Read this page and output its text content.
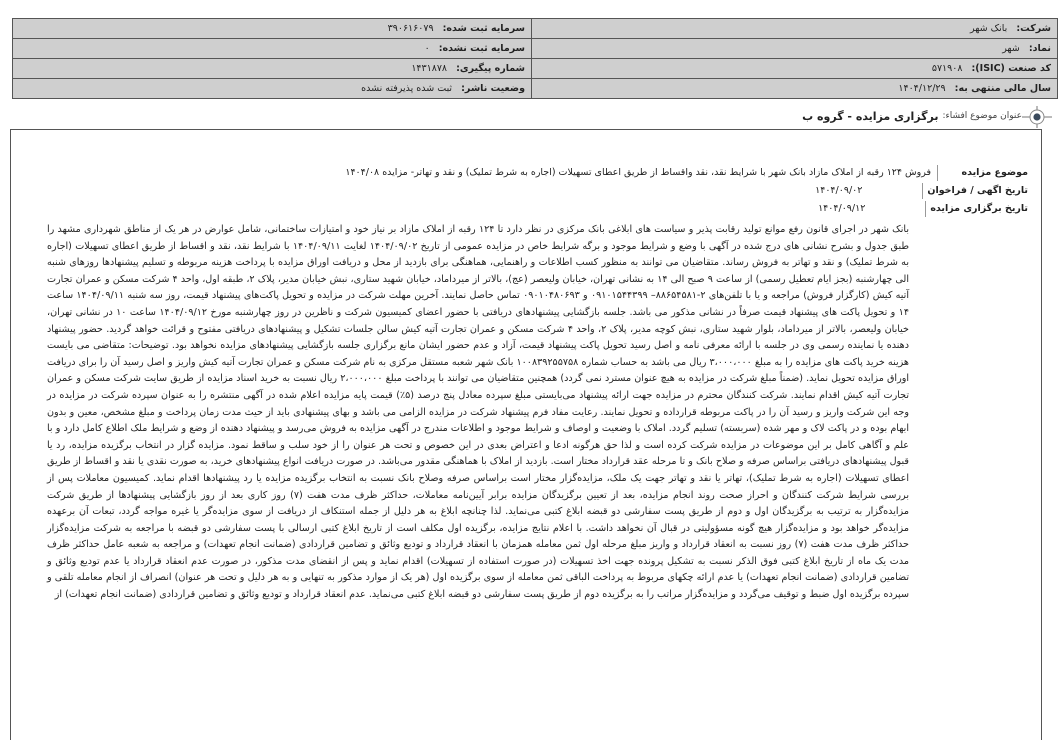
شرکت: بانک شهر	سرمایه ثبت شده: ۳۹۰۶۱۶۰۷۹
نماد: شهر	سرمایه ثبت نشده: ۰
کد صنعت (ISIC): ۵۷۱۹۰۸	شماره پیگیری: ۱۴۳۱۸۷۸
سال مالی منتهی به: ۱۴۰۴/۱۲/۲۹	وضعیت ناشر: ثبت شده پذیرفته نشده
عنوان موضوع افشاء:
برگزاری مزایده - گروه ب
موضوع مزایده
فروش ۱۲۴ رقبه از املاک مازاد بانک شهر با شرایط نقد، نقد واقساط از طریق اعطای تسهیلات (اجاره به شرط تملیک) و نقد و تهاتر- مزایده ۱۴۰۴/۰۸
تاریخ اگهی / فراخوان
۱۴۰۴/۰۹/۰۲
تاریخ برگزاری مزایده
۱۴۰۴/۰۹/۱۲
بانک شهر در اجرای قانون رفع موانع تولید رقابت پذیر و سیاست های ابلاغی بانک مرکزی در نظر دارد تا ۱۲۴ رقبه از املاک مازاد بر نیاز خود و امتیازات ساختمانی، شامل عوارض در هر یک از مناطق شهرداری مشهد را طبق جدول و بشرح نشانی های درج شده در آگهی با وضع و شرایط موجود و برگه شرایط خاص در مزایده عمومی از تاریخ ۱۴۰۴/۰۹/۰۲ لغایت ۱۴۰۴/۰۹/۱۱ با شرایط نقد، نقد و اقساط از طریق اعطای تسهیلات (اجاره به شرط تملیک) و نقد و تهاتر به فروش رساند. متقاضیان می توانند به منظور کسب اطلاعات و راهنمایی، هماهنگی برای بازدید از محل و دریافت اوراق مزایده با پرداخت هزینه مربوطه و تسلیم پیشنهادها روزهای شنبه الی چهارشنبه (بجز ایام تعطیل رسمی) از ساعت ۹ صبح الی ۱۴ به نشانی تهران، خیابان ولیعصر (عج)، بالاتر از میرداماد، خیابان شهید ستاری، نبش خیابان مدیر، پلاک ۲، طبقه اول، واحد ۴ شرکت مسکن و عمران تجارت آتیه کیش (کارگزار فروش) مراجعه و یا با تلفن‌های ۲-۸۸۶۵۴۵۸۱– ۰۹۱۰۱۵۴۴۳۹۹ و ۰۹۰۱۰۴۸۰۶۹۳ تماس حاصل نمایند. آخرین مهلت شرکت در مزایده و تحویل پاکت‌های پیشنهاد قیمت، روز سه شنبه ۱۴۰۴/۰۹/۱۱ ساعت ۱۴ و تحویل پاکت های پیشنهاد قیمت صرفاً در نشانی مذکور می باشد. جلسه بازگشایی پیشنهادهای دریافتی با حضور اعضای کمیسیون شرکت و ناظرین در روز چهارشنبه مورخ ۱۴۰۴/۰۹/۱۲ ساعت ۱۰ در نشانی تهران، خیابان ولیعصر، بالاتر از میرداماد، بلوار شهید ستاری، نبش کوچه مدیر، پلاک ۲، واحد ۴ شرکت مسکن و عمران تجارت آتیه کیش سالن جلسات تشکیل و پیشنهادهای دریافتی مفتوح و قرائت خواهد گردید. حضور پیشنهاد دهنده یا نماینده رسمی وی در جلسه با ارائه معرفی نامه و اصل رسید تحویل پاکت پیشنهاد قیمت، آزاد و عدم حضور ایشان مانع برگزاری جلسه بازگشایی پیشنهادهای مزایده نخواهد بود. توضیحات: متقاضی می بایست هزینه خرید پاکت های مزایده را به مبلغ ۳،۰۰۰،۰۰۰ ریال می باشد به حساب شماره ۱۰۰۸۳۹۲۵۵۷۵۸ بانک شهر شعبه مستقل مرکزی به نام شرکت مسکن و عمران تجارت آتیه کیش واریز و اصل رسید آن را برای دریافت اوراق مزایده تحویل نماید. (ضمناً مبلغ شرکت در مزایده به هیچ عنوان مسترد نمی گردد) همچنین متقاضیان می توانند با پرداخت مبلغ ۲،۰۰۰،۰۰۰ ریال نسبت به خرید اسناد مزایده از طریق سایت شرکت مسکن و عمران تجارت آتیه کیش اقدام نمایند. شرکت کنندگان محترم در مزایده جهت ارائه پیشنهاد می‌بایستی مبلغ سپرده معادل پنج درصد (۵٪) قیمت پایه مزایده اعلام شده در آگهی منتشره را به عنوان سپرده شرکت در مزایده در وجه این شرکت واریز و رسید آن را در پاکت مربوطه قرارداده و تحویل نمایند. رعایت مفاد فرم پیشنهاد شرکت در مزایده الزامی می باشد و بهای پیشنهادی باید از حیث مدت زمان پرداخت و مبلغ مشخص، معین و بدون ابهام بوده و در پاکت لاک و مهر شده (سربسته) تسلیم گردد. املاک با وضعیت و اوصاف و شرایط موجود و اطلاعات مندرج در آگهی مزایده به فروش می‌رسد و پیشنهاد دهنده از وضع و شرایط ملک اطلاع کامل دارد و با علم و آگاهی کامل بر این موضوعات در مزایده شرکت کرده است و لذا حق هرگونه ادعا و اعتراض بعدی در این خصوص و تحت هر عنوان را از خود سلب و ساقط نمود. مزایده گزار در انتخاب برگزیده مزایده، رد یا قبول پیشنهادهای دریافتی براساس صرفه و صلاح بانک و تا مرحله عقد قرارداد مختار است. بازدید از املاک با هماهنگی مقدور می‌باشد. در صورت دریافت انواع پیشنهادهای خرید، به صورت نقدی یا نقد و اقساط از طریق اعطای تسهیلات (اجاره به شرط تملیک)، تهاتر یا نقد و تهاتر جهت یک ملک، مزایده‌گزار مختار است براساس صرفه وصلاح بانک نسبت به انتخاب برگزیده مزایده یا رد پیشنهادها اقدام نماید. کمیسیون معاملات پس از بررسی شرایط شرکت کنندگان و احراز صحت روند انجام مزایده، بعد از تعیین برگزیدگان مزایده برابر آیین‌نامه معاملات، حداکثر ظرف مدت هفت (۷) روز کاری بعد از روز بازگشایی پیشنهادها از طریق شرکت مزایده‌گزار به ترتیب به برگزیدگان اول و دوم از طریق پست سفارشی دو قبضه ابلاغ کتبی می‌نماید. لذا چنانچه ابلاغ به هر دلیل از جمله استنکاف از دریافت از سوی مزایده‌گر یا غیره مواجه گردد، تبعات آن برعهده مزایده‌گر خواهد بود و مزایده‌گزار هیچ گونه مسؤولیتی در قبال آن نخواهد داشت. با اعلام نتایج مزایده، برگزیده اول مکلف است از تاریخ ابلاغ کتبی ارسالی با پست سفارشی دو قبضه با مراجعه به شرکت مزایده‌گزار حداکثر ظرف مدت هفت (۷) روز نسبت به انعقاد قرارداد و واریز مبلغ مرحله اول ثمن معامله همزمان با انعقاد قرارداد و تودیع وثائق و تضامین قراردادی (ضمانت انجام تعهدات) و مراجعه به شعبه عامل حداکثر ظرف مدت یک ماه از تاریخ ابلاغ کتبی فوق الذکر نسبت به تشکیل پرونده جهت اخذ تسهیلات (در صورت استفاده از تسهیلات) اقدام نماید و پس از انقضای مدت مذکور، در صورت عدم انعقاد قرارداد یا عدم تودیع وثائق و تضامین قراردادی (ضمانت انجام تعهدات) یا عدم ارائه چکهای مربوط به پرداخت الباقی ثمن معامله از سوی برگزیده اول (هر یک از موارد مذکور به تنهایی و به هر دلیل و تحت هر عنوان) انصراف از انجام معامله تلقی و سپرده برگزیده اول ضبط و توقیف می‌گردد و مزایده‌گزار مراتب را به برگزیده دوم از طریق پست سفارشی دو قبضه ابلاغ کتبی می‌نماید. عدم انعقاد قرارداد و تودیع وثائق و تضامین قراردادی (ضمانت انجام تعهدات) از
